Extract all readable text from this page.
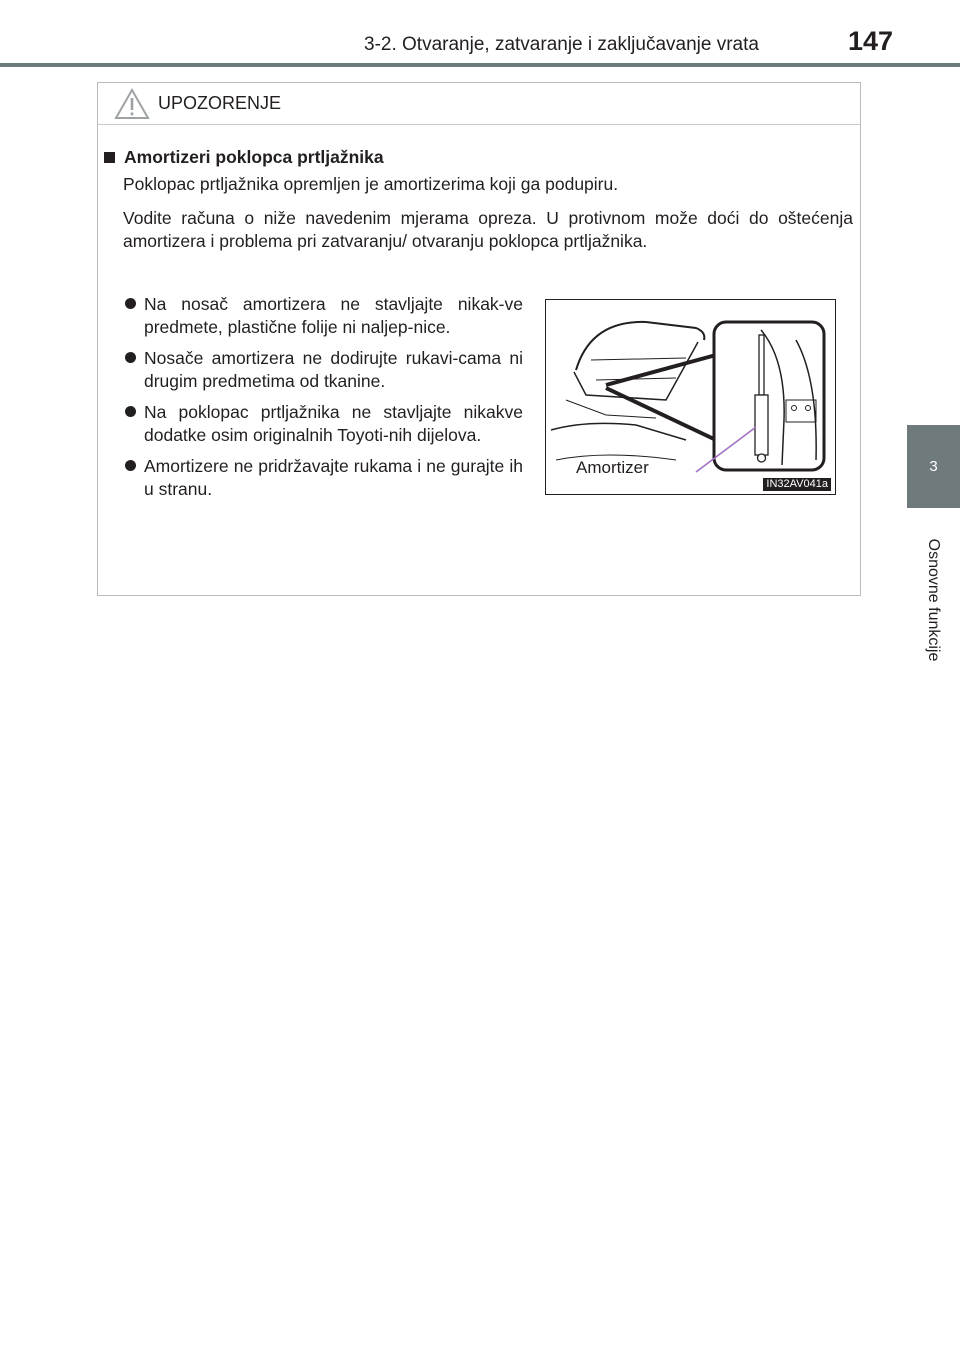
3-2. Otvaranje, zatvaranje i zaključavanje vrata	147
3
Osnovne funkcije
UPOZORENJE
Amortizeri poklopca prtljažnika

Poklopac prtljažnika opremljen je amortizerima koji ga podupiru.

Vodite računa o niže navedenim mjerama opreza. U protivnom može doći do oštećenja amortizera i problema pri zatvaranju/ otvaranju poklopca prtljažnika.

Na nosač amortizera ne stavljajte nikak-ve predmete, plastične folije ni naljep-nice.
Nosače amortizera ne dodirujte rukavi-cama ni drugim predmetima od tkanine.
Na poklopac prtljažnika ne stavljajte nikakve dodatke osim originalnih Toyoti-nih dijelova.
Amortizere ne pridržavajte rukama i ne gurajte ih u stranu.
Amortizer
IN32AV041a
